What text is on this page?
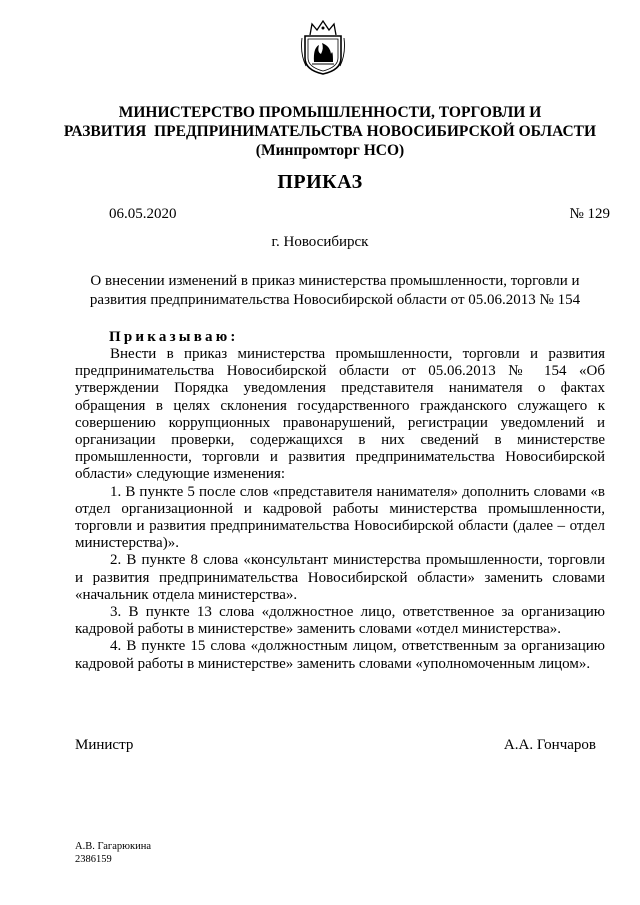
МИНИСТЕРСТВО ПРОМЫШЛЕННОСТИ, ТОРГОВЛИ И
РАЗВИТИЯ  ПРЕДПРИНИМАТЕЛЬСТВА НОВОСИБИРСКОЙ ОБЛАСТИ
(Минпромторг НСО)
ПРИКАЗ
06.05.2020	№ 129
г. Новосибирск
О внесении изменений в приказ министерства промышленности, торговли и
развития предпринимательства Новосибирской области от 05.06.2013 № 154
Приказываю:

Внести в приказ министерства промышленности, торговли и развития предпринимательства Новосибирской области от 05.06.2013 № 154 «Об утверждении Порядка уведомления представителя нанимателя о фактах обращения в целях склонения государственного гражданского служащего к совершению коррупционных правонарушений, регистрации уведомлений и организации проверки, содержащихся в них сведений в министерстве промышленности, торговли и развития предпринимательства Новосибирской области» следующие изменения:

1. В пункте 5 после слов «представителя нанимателя» дополнить словами «в отдел организационной и кадровой работы министерства промышленности, торговли и развития предпринимательства Новосибирской области (далее – отдел министерства)».

2. В пункте 8 слова «консультант министерства промышленности, торговли и развития предпринимательства Новосибирской области» заменить словами «начальник отдела министерства».

3. В пункте 13 слова «должностное лицо, ответственное за организацию кадровой работы в министерстве» заменить словами «отдел министерства».

4. В пункте 15 слова «должностным лицом, ответственным за организацию кадровой работы в министерстве» заменить словами «уполномоченным лицом».

Министр	А.А. Гончаров
А.В. Гагарюкина
2386159
